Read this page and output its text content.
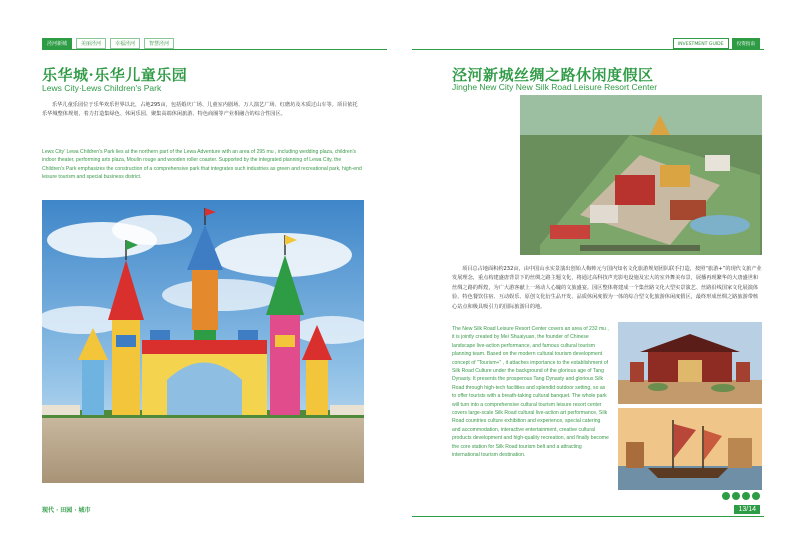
泾河新城	美丽泾河	幸福泾河	智慧泾河
乐华城·乐华儿童乐园
Lews City·Lews Children's Park
乐华儿童乐园位于乐华欢乐世界以北，占地295亩，包括婚庆广场、儿童室内剧场、万人演艺广场、红磨坊及木质过山车等。项目依托乐华城整体规划，着力打造集绿色、休闲乐园、聚集高端休闲旅游、特色商圈等产业相融合的综合性园区。
Lews City' Lewa Children's Park lies at the northern part of the Lewa Adventure with an area of 295 mu , including wedding plaza, children's indoor theater, performing arts plaza, Moulin rouge and wooden roller coaster. Supported by the integrated planning of Lewa City, the Children's Park emphasizes the construction of a comprehensive park that integrates such industries as green and recreational park, high-end leisure tourism and special business district.
现代 · 田园 · 城市
INVESTMENT GUIDE	投资指南
泾河新城丝绸之路休闲度假区
Jinghe New City New Silk Road Leisure Resort Center
项目总占地面积约232亩，由中国山水实景演出创始人梅帅元与国内知名文化旅游规划团队联手打造，按照“旅游+”的现代文旅产业发展理念，重点构建盛唐背景下的丝绸之路主题文化，将通过高科技声光影电设施及宏大的室外舞美布景，展播再现繁华的大唐盛世和丝绸之路的辉煌，为广大游客献上一场动人心魄的文旅盛宴。园区整体将建成一个集丝路文化大型实景演艺、丝路沿线国家文化展演体验、特色餐饮住宿、互动娱乐、原创文化衍生品开发、品质休闲度假为一体的综合型文化旅游休闲度假区，最终形成丝绸之路旅游带核心站点和极具吸引力的国际旅游目的地。
The New Silk Road Leisure Resort Center covers an area of 232 mu , it is jointly created by Mei Shuaiyuan, the founder of Chinese landscape live-action performance, and famous cultural tourism planning team. Based on the modern cultural tourism development concept of "Tourism+" , it attaches importance to the establishment of Silk Road Culture under the background of the glorious age of Tang Dynasty. It presents the prosperous Tang Dynasty and glorious Silk Road through high-tech facilities and splendid outdoor setting, so as to offer tourists with a breath-taking cultural banquet. The whole park will turn into a comprehensive cultural tourism leisure resort center covers large-scale Silk Road cultural live-action art performance, Silk Road countries culture exhibition and experience, special catering and accommodation, interactive entertainment, creative cultural products development and high-quality recreation, and finally become the core station for Silk Road tourism belt and a attracting international tourism destination.
13/14
